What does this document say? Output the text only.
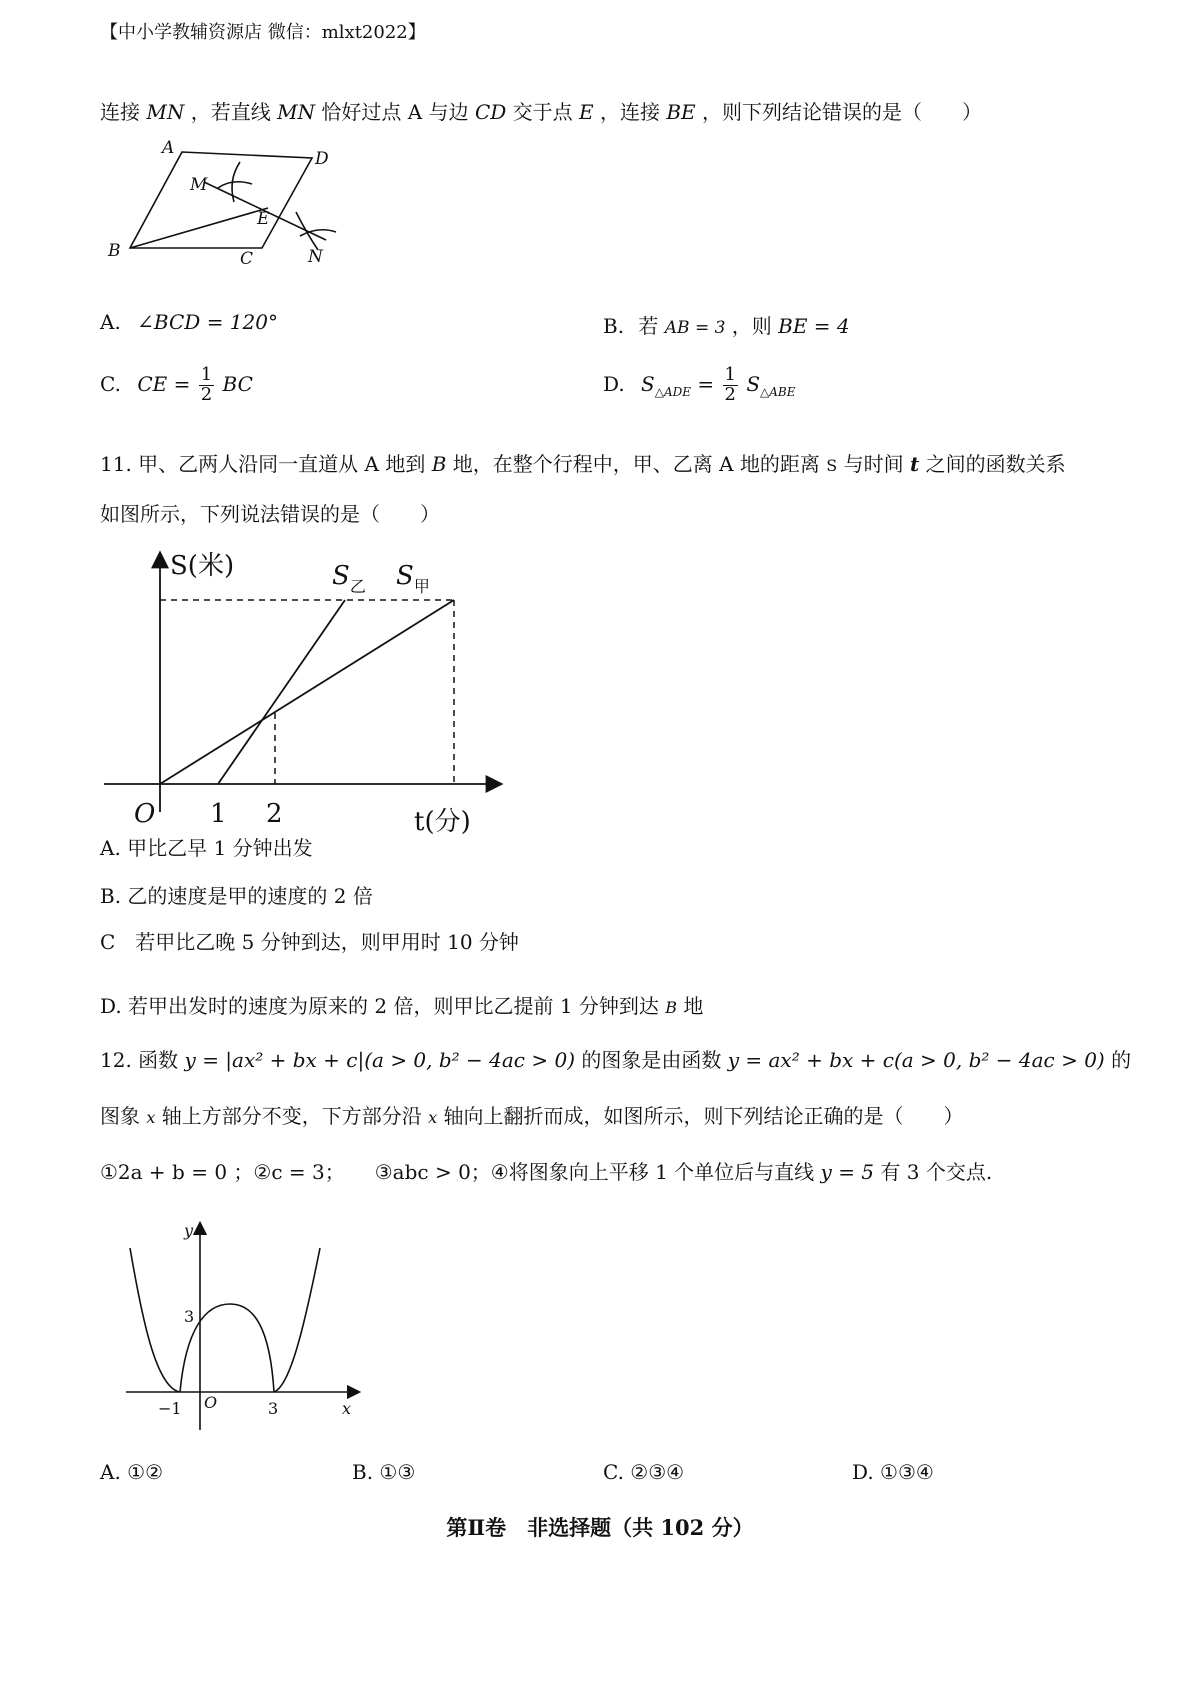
【中小学教辅资源店 微信：mlxt2022】
连接 MN ，若直线 MN 恰好过点 A 与边 CD 交于点 E ，连接 BE ，则下列结论错误的是（　　）
A
D
M
E
B	C	N
A. ∠BCD = 120°	B. 若 AB = 3 ，则 BE = 4
C. CE = $\frac{1}{2}$ BC	D. $S_{\triangle ADE} = \frac{1}{2} S_{\triangle ABE}$
11. 甲、乙两人沿同一直道从 A 地到 B 地，在整个行程中，甲、乙离 A 地的距离 S 与时间 t 之间的函数关系
如图所示，下列说法错误的是（　　）
S(米)
t(分)
O 1 2
$S_乙$ $S_甲$
A. 甲比乙早 1 分钟出发
B. 乙的速度是甲的速度的 2 倍
C　若甲比乙晚 5 分钟到达，则甲用时 10 分钟
D. 若甲出发时的速度为原来的 2 倍，则甲比乙提前 1 分钟到达 B 地
12. 函数 y = |ax² + bx + c|(a > 0, b² − 4ac > 0) 的图象是由函数 y = ax² + bx + c(a > 0, b² − 4ac > 0) 的
图象 x 轴上方部分不变，下方部分沿 x 轴向上翻折而成，如图所示，则下列结论正确的是（　　）
①2a + b = 0 ；②c = 3；　　③abc > 0；④将图象向上平移 1 个单位后与直线 y = 5 有 3 个交点.
y
x
O
3
−1	3
A. ①②	B. ①③	C. ②③④	D. ①③④
第Ⅱ卷　非选择题（共 102 分）
